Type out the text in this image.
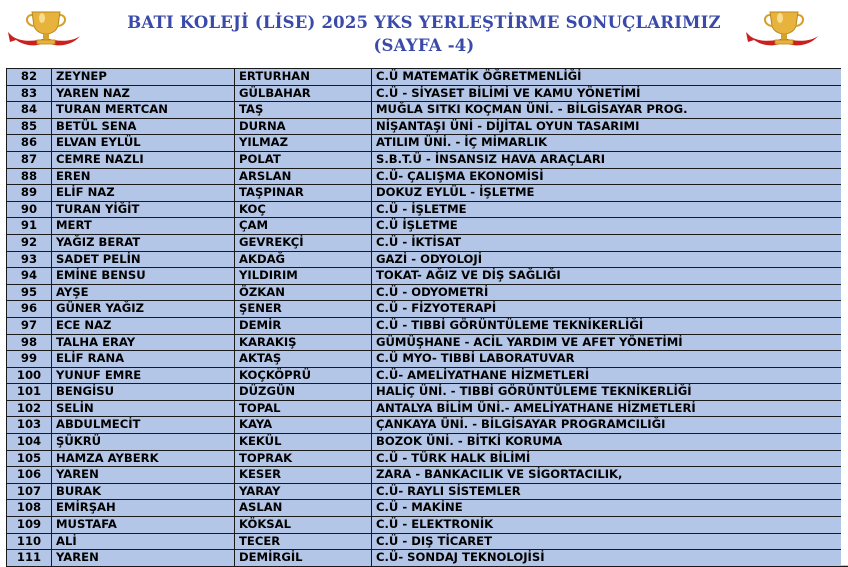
BATI KOLEJİ (LİSE) 2025 YKS YERLEŞTİRME SONUÇLARIMIZ
(SAYFA -4)
82	ZEYNEP	ERTURHAN	C.Ü MATEMATİK ÖĞRETMENLİĞİ
83	YAREN NAZ	GÜLBAHAR	C.Ü - SİYASET BİLİMİ VE KAMU YÖNETİMİ
84	TURAN MERTCAN	TAŞ	MUĞLA SITKI KOÇMAN ÜNİ. - BİLGİSAYAR PROG.
85	BETÜL SENA	DURNA	NİŞANTAŞI ÜNİ - DİJİTAL OYUN TASARIMI
86	ELVAN EYLÜL	YILMAZ	ATILIM ÜNİ. - İÇ MİMARLIK
87	CEMRE NAZLI	POLAT	S.B.T.Ü - İNSANSIZ HAVA ARAÇLARI
88	EREN	ARSLAN	C.Ü- ÇALIŞMA EKONOMİSİ
89	ELİF NAZ	TAŞPINAR	DOKUZ EYLÜL - İŞLETME
90	TURAN YİĞİT	KOÇ	C.Ü - İŞLETME
91	MERT	ÇAM	C.Ü İŞLETME
92	YAĞIZ BERAT	GEVREKÇİ	C.Ü - İKTİSAT
93	SADET PELİN	AKDAĞ	GAZİ - ODYOLOJİ
94	EMİNE BENSU	YILDIRIM	TOKAT- AĞIZ VE DİŞ SAĞLIĞI
95	AYŞE	ÖZKAN	C.Ü - ODYOMETRİ
96	GÜNER YAĞIZ	ŞENER	C.Ü - FİZYOTERAPİ
97	ECE NAZ	DEMİR	C.Ü - TIBBİ GÖRÜNTÜLEME TEKNİKERLİĞİ
98	TALHA ERAY	KARAKIŞ	GÜMÜŞHANE - ACİL YARDIM VE AFET YÖNETİMİ
99	ELİF RANA	AKTAŞ	C.Ü MYO- TIBBİ LABORATUVAR
100	YUNUF EMRE	KOÇKÖPRÜ	C.Ü- AMELİYATHANE HİZMETLERİ
101	BENGİSU	DÜZGÜN	HALİÇ ÜNİ. - TIBBİ GÖRÜNTÜLEME TEKNİKERLİĞİ
102	SELİN	TOPAL	ANTALYA BİLİM ÜNİ.- AMELİYATHANE HİZMETLERİ
103	ABDULMECİT	KAYA	ÇANKAYA ÜNİ. - BİLGİSAYAR PROGRAMCILIĞI
104	ŞÜKRÜ	KEKÜL	BOZOK ÜNİ. - BİTKİ KORUMA
105	HAMZA AYBERK	TOPRAK	C.Ü - TÜRK HALK BİLİMİ
106	YAREN	KESER	ZARA - BANKACILIK VE SİGORTACILIK,
107	BURAK	YARAY	C.Ü- RAYLI SİSTEMLER
108	EMİRŞAH	ASLAN	C.Ü - MAKİNE
109	MUSTAFA	KÖKSAL	C.Ü - ELEKTRONİK
110	ALİ	TECER	C.Ü - DIŞ TİCARET
111	YAREN	DEMİRGİL	C.Ü- SONDAJ TEKNOLOJİSİ
